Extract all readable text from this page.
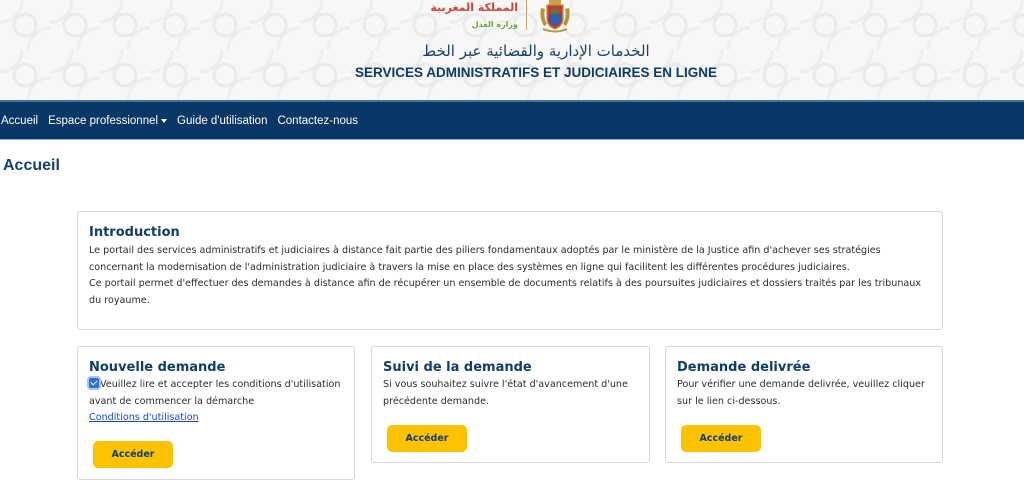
المملكة المغربية
وزارة العدل
الخدمات الإدارية والقضائية عبر الخط
SERVICES ADMINISTRATIFS ET JUDICIAIRES EN LIGNE
Accueil Espace professionnel Guide d'utilisation Contactez-nous
Accueil
Introduction

Le portail des services administratifs et judiciaires à distance fait partie des piliers fondamentaux adoptés par le ministère de la Justice afin d'achever ses stratégies concernant la modernisation de l'administration judiciaire à travers la mise en place des systèmes en ligne qui facilitent les différentes procédures judiciaires.

Ce portail permet d'effectuer des demandes à distance afin de récupérer un ensemble de documents relatifs à des poursuites judiciaires et dossiers traités par les tribunaux du royaume.

Nouvelle demande
Veuillez lire et accepter les conditions d'utilisation avant de commencer la démarche
Conditions d'utilisation
Accéder
Suivi de la demande

Si vous souhaitez suivre l'état d'avancement d'une précédente demande.

Accéder
Demande delivrée

Pour vérifier une demande delivrée, veuillez cliquer sur le lien ci-dessous.

Accéder
